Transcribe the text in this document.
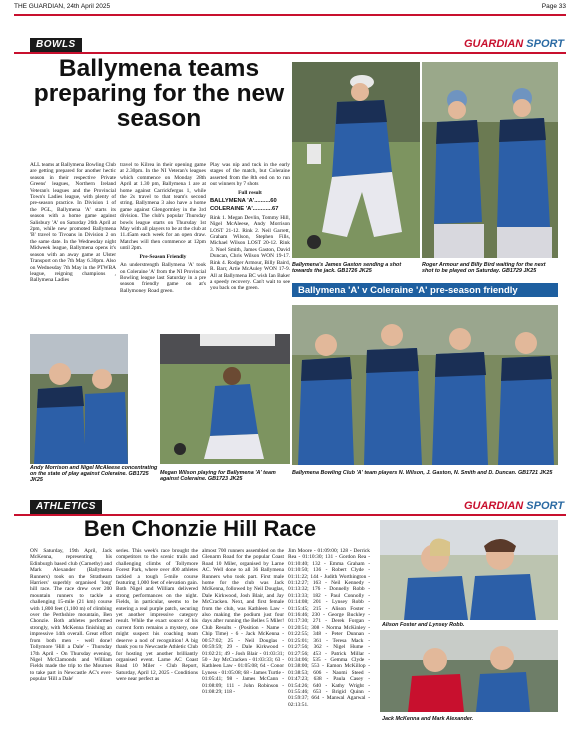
THE GUARDIAN, 24th April 2025	Page 33
BOWLS	GUARDIAN SPORT
Ballymena teams preparing for the new season

ALL teams at Ballymena Bowling Club are getting prepared for another hectic season in their respective Private Greens' leagues, Northern Ireland Veteran's leagues and the Provincial Town's Ladies league, with plenty of pre-season practice. In Division 1 of the PGL, Ballymena 'A' starts its season with a home game against Salisbury 'A' on Saturday 26th April at 2pm, while new promoted Ballymena 'B' travel to Tivoans in Division 2 on the same date. In the Wednesday night Midweek league, Ballymena opens it's season with an away game at Ulster Transport on the 7th May 6.30pm. Also on Wednesday 7th May in the PTWBA league, reigning champions , Ballymena Ladies

travel to Kilrea in their opening game at 2.30pm. In the NI Veteran's leagues which commence on Monday 28th April at 1.30 pm, Ballymena 1 are at home against Carrickfergus 1, while the 2s travel to that team's second string. Ballymena 3 also have a home game against Glengormley in the 3rd division. The club's popular Thursday bowls league starts on Thursday 1st May with all players to be at the club at 11.45am each week for an open draw. Matches will then commence at 12pm until 2pm.

Pre-Season Friendly

An understrength Ballymena 'A' took on Coleraine 'A' from the NI Provincial Bowling league last Saturday in a pre season friendly game on at's Ballymoney Road green.

Play was nip and tuck in the early stages of the match, but Coleraine asserted from the 8th end on to run out winners by 7 shots

Full result

BALLYMENA 'A'..........60

COLERAINE 'A'............67

Rink 1. Megan Devlin, Tommy Hill, Nigel McAleese, Andy Morrison LOST 21-12. Rink 2. Neil Garrett, Graham Wilson, Stephen Fills, Michael Wilson LOST 20-12. Rink 3. Noel Smith, James Gaston, David Duncan, Chris Wilson WON 19-17. Rink 4. Rodger Armour, Billy Baird, R. Barr, Artie McAuley WON 17-9. All at Ballymena BC wish Ian Baker a speedy recovery. Can't wait to see you back on the green.

Ballymena's James Gaston sending a shot towards the jack. GB1726 JK25
Roger Armour and Billy Bird waiting for the next shot to be played on Saturday. GB1729 JK25
Ballymena 'A' v Coleraine 'A' pre-season friendly
Andy Morrison and Nigel McAleese concentrating on the state of play against Coleraine. GB1725 JK25
Megan Wilson playing for Ballymena 'A' team against Coleraine. GB1723 JK25
Ballymena Bowling Club 'A' team players N. Wilson, J. Gaston, N. Smith and D. Duncan. GB1721 JK25
ATHLETICS	GUARDIAN SPORT
Ben Chonzie Hill Race

ON Saturday, 19th April, Jack McKenna, representing his Edinburgh based club (Carnethy) and Mark Alexander (Ballymena Runners) took on the Strathearn Harriers' superbly organised 'long' hill race. The race drew over 200 mountain runners to tackle a challenging 15-mile (21 km) course with 1,800 feet (1,100 m) of climbing over the Perthshire mountain, Ben Chonzie. Both athletes performed strongly, with McKenna finishing an impressive 14th overall. Great effort from both men - well done! Tollymore 'Hill a Dale' - Thursday 17th April - On Thursday evening, Nigel McClamonds and William Fields made the trip to the Mournes to take part in Newcastle AC's ever-popular 'Hill a Dale'

series. This week's race brought the competitors to the scenic trails and challenging climbs of Tollymore Forest Park, where over 400 athletes tackled a tough 5-mile course featuring 1,000 feet of elevation gain. Both Nigel and William delivered strong performances on the night. Fields, in particular, seems to be entering a real purple patch, securing yet another impressive category result. While the exact source of his current form remains a mystery, one might suspect his coaching team deserve a nod of recognition! A big thank you to Newcastle Athletic Club for hosting yet another brilliantly organised event. Larne AC Coast Road 10 Miler - Club Report, Saturday, April 12, 2025 - Conditions were near perfect as

almost 700 runners assembled on the Glenarm Road for the popular Coast Road 10 Miler, organised by Larne AC. Well done to all 36 Ballymena Runners who took part. First male home for the club was Jack McKenna, followed by Neil Douglas, Dale Kirkwood, Josh Blair, and Jay McCracken. Next, and first female from the club, was Kathleen Law - also making the podium just four days after running the Belles 5 Miler! Club Results - (Position - Name - Chip Time) - 6 - Jack McKenna - 00:57:02; 25 - Neil Douglas - 00:59:59; 29 - Dale Kirkwood - 01:02:21; 49 - Josh Blair - 01:03:31; 50 - Jay McCracken - 01:03:33; 63 - Kathleen Law - 01:05:08; 64 - Conor Lyness - 01:05:08; 68 - James Turtle - 01:05:41; 98 - James McCann - 01:08:09; 111 - John Robinson - 01:08:29; 118 -

Jim Moore - 01:09:00; 128 - Derrick Rea - 01:10:30; 131 - Gordon Rea - 01:10:40; 132 - Emma Graham - 01:10:50; 136 - Robert Clyde - 01:11:22; 144 - Judith Worthington - 01:12:27; 163 - Neil Kennedy - 01:13:32; 176 - Donnelly Robb - 01:13:33; 182 - Paul Connolly - 01:14:08; 201 - Lynsey Robb - 01:15:45; 215 - Alison Foster - 01:16:46; 230 - George Buckley - 01:17:30; 271 - Derek Forgan - 01:20:51; 308 - Norma McKinley - 01:22:55; 348 - Peter Dunnan - 01:25:01; 361 - Teresa Mack - 01:27:56; 362 - Nigel Hume - 01:27:56; 453 - Patrick Millar - 01:34:06; 535 - Gemma Clyde - 01:38:00; 553 - Eamon McKillop - 01:38:53; 606 - Naomi Steed - 01:47:23; 638 - Paula Casey - 01:54:26; 640 - Kathy Wright - 01:55:46; 653 - Brigid Quinn - 01:59:37; 664 - Manwal Agarwal - 02:13:51.

Alison Foster and Lynsey Robb.
Jack McKenna and Mark Alexander.
